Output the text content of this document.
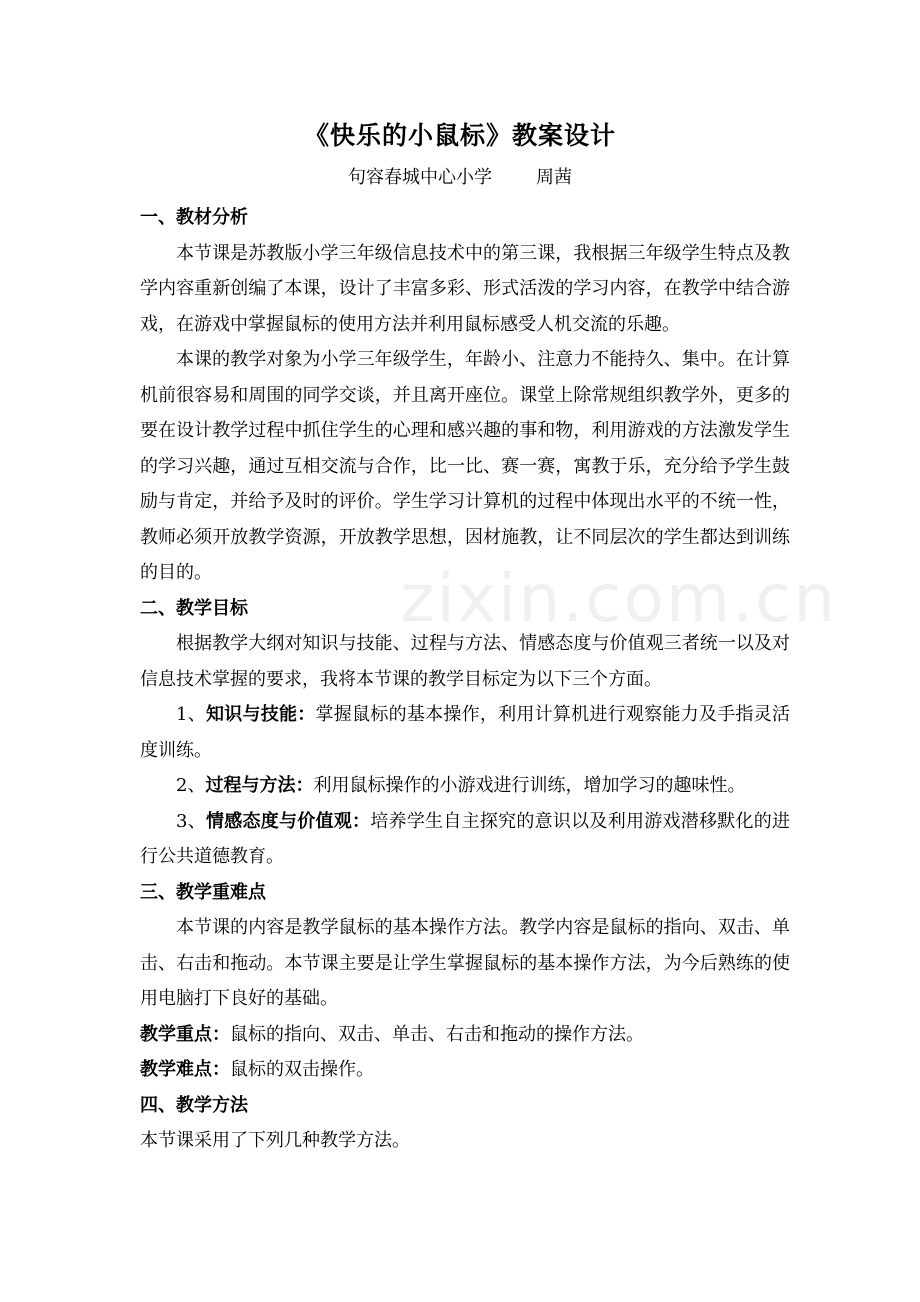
zixin.com.cn
《快乐的小鼠标》教案设计
句容春城中心小学 周茜

一、教材分析

本节课是苏教版小学三年级信息技术中的第三课，我根据三年级学生特点及教学内容重新创编了本课，设计了丰富多彩、形式活泼的学习内容，在教学中结合游戏，在游戏中掌握鼠标的使用方法并利用鼠标感受人机交流的乐趣。

本课的教学对象为小学三年级学生，年龄小、注意力不能持久、集中。在计算机前很容易和周围的同学交谈，并且离开座位。课堂上除常规组织教学外，更多的要在设计教学过程中抓住学生的心理和感兴趣的事和物，利用游戏的方法激发学生的学习兴趣，通过互相交流与合作，比一比、赛一赛，寓教于乐，充分给予学生鼓励与肯定，并给予及时的评价。学生学习计算机的过程中体现出水平的不统一性，教师必须开放教学资源，开放教学思想，因材施教，让不同层次的学生都达到训练的目的。

二、教学目标

根据教学大纲对知识与技能、过程与方法、情感态度与价值观三者统一以及对信息技术掌握的要求，我将本节课的教学目标定为以下三个方面。

1、知识与技能：掌握鼠标的基本操作，利用计算机进行观察能力及手指灵活度训练。

2、过程与方法：利用鼠标操作的小游戏进行训练，增加学习的趣味性。

3、情感态度与价值观：培养学生自主探究的意识以及利用游戏潜移默化的进行公共道德教育。

三、教学重难点

本节课的内容是教学鼠标的基本操作方法。教学内容是鼠标的指向、双击、单击、右击和拖动。本节课主要是让学生掌握鼠标的基本操作方法，为今后熟练的使用电脑打下良好的基础。

教学重点：鼠标的指向、双击、单击、右击和拖动的操作方法。

教学难点：鼠标的双击操作。

四、教学方法

本节课采用了下列几种教学方法。
